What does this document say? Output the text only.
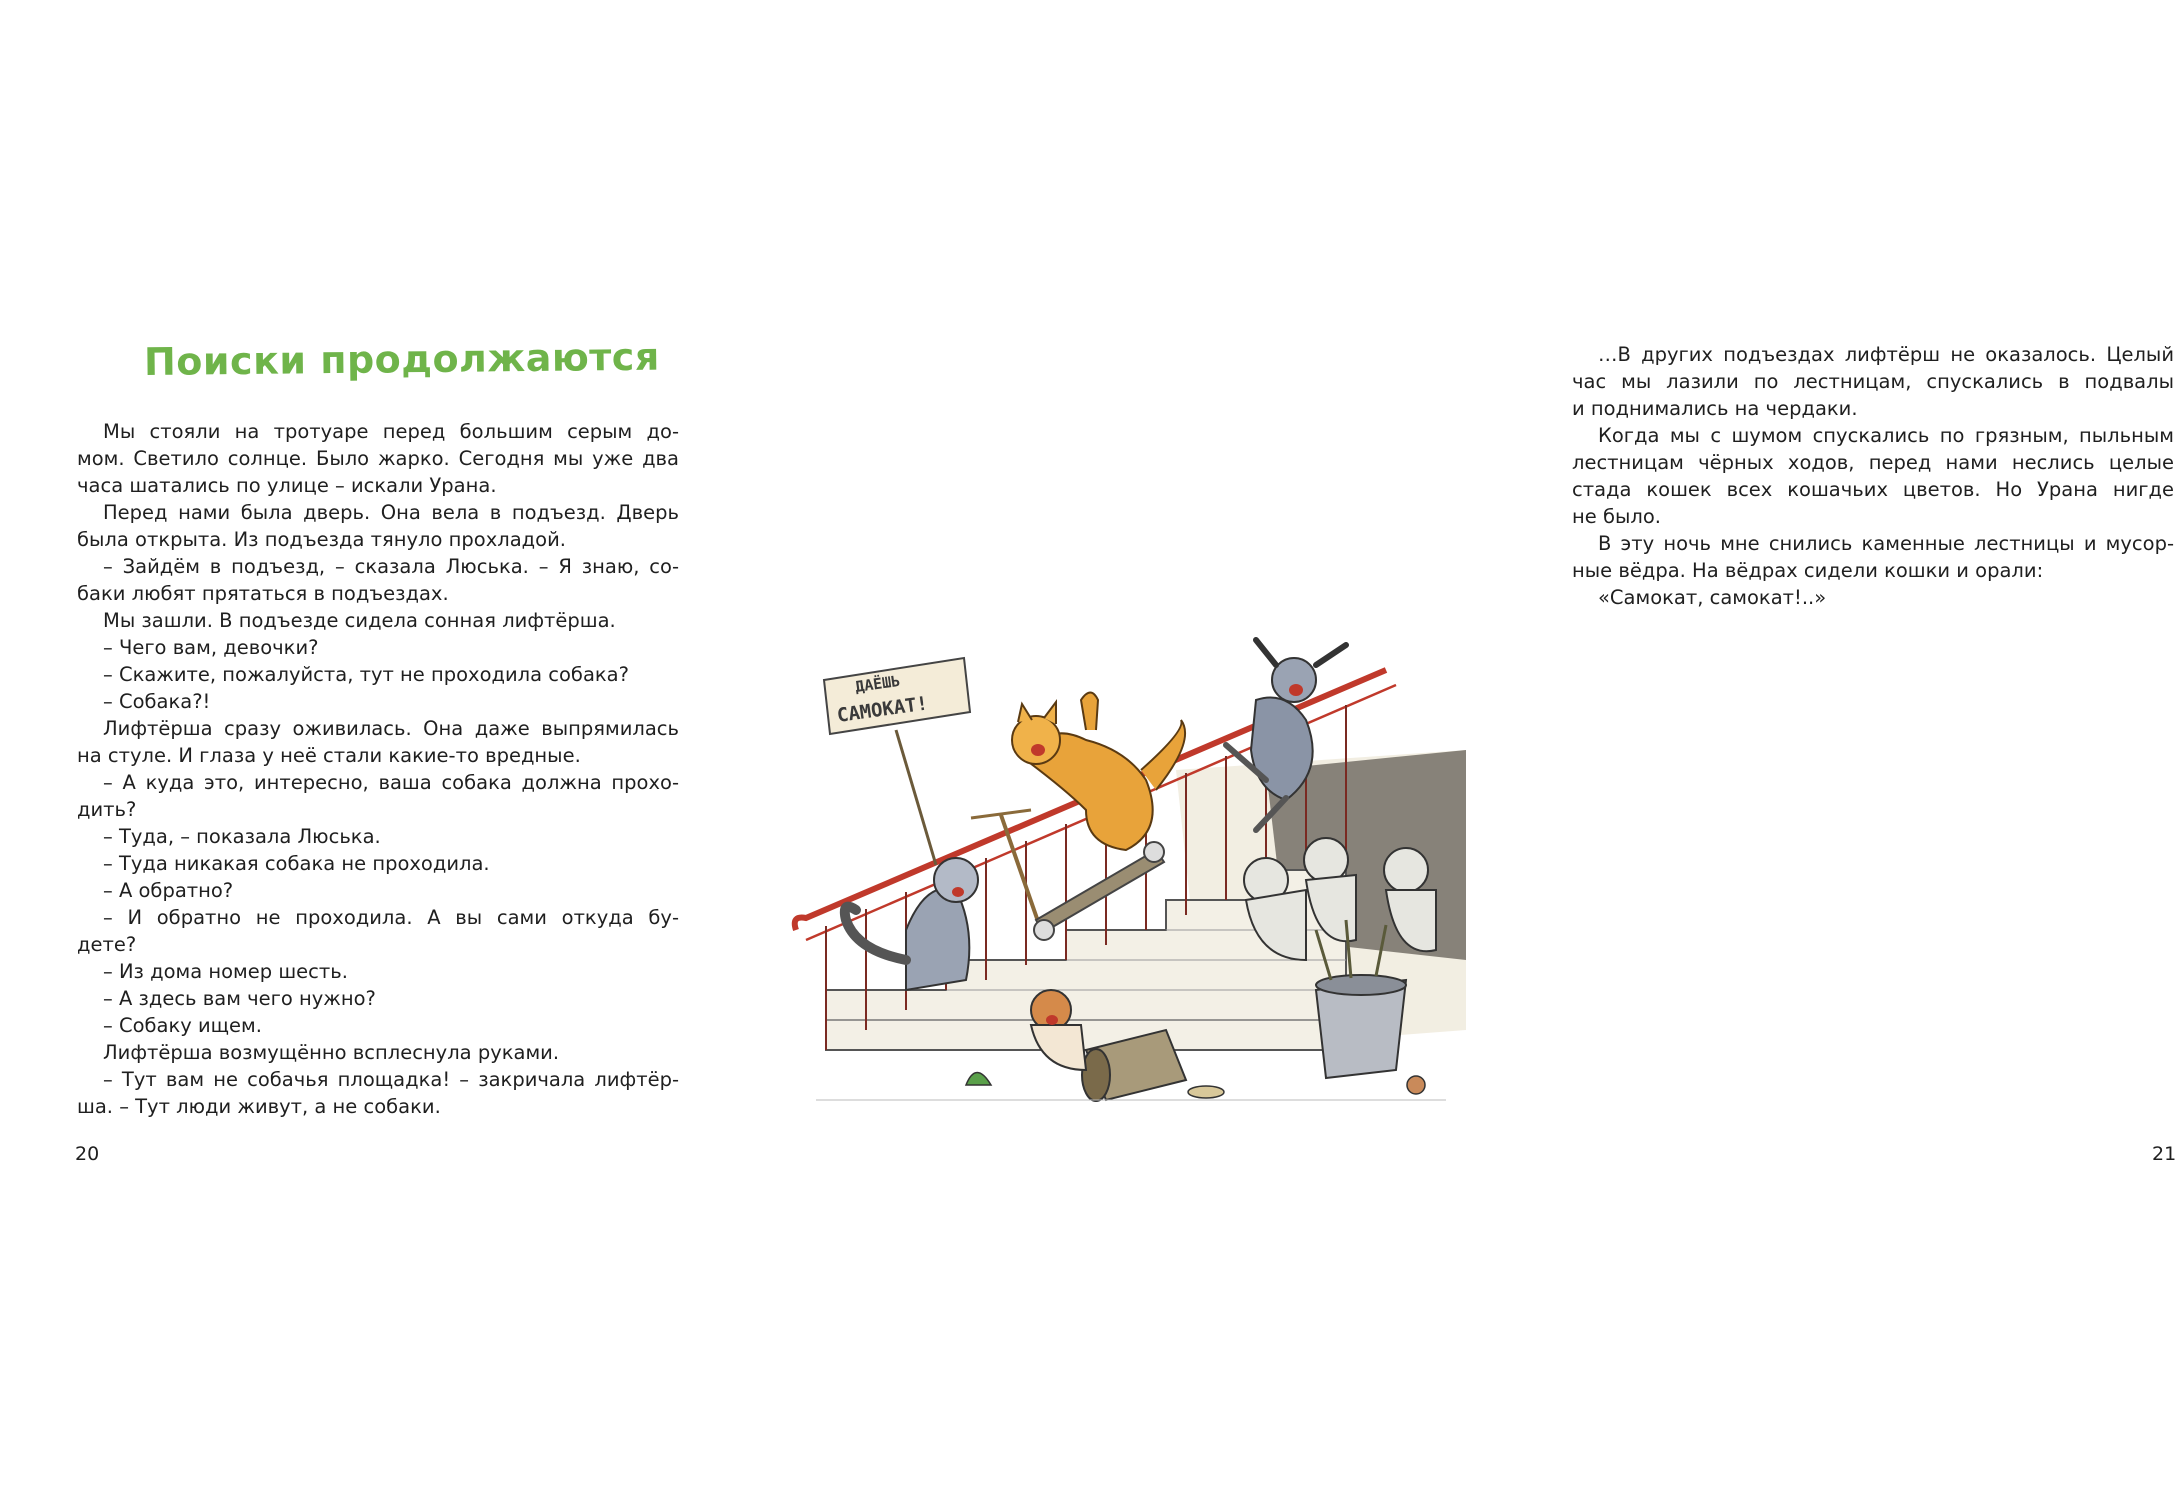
Поиски продолжаются
Мы стояли на тротуаре перед большим серым до-
мом. Светило солнце. Было жарко. Сегодня мы уже два
часа шатались по улице – искали Урана.
Перед нами была дверь. Она вела в подъезд. Дверь
была открыта. Из подъезда тянуло прохладой.
– Зайдём в подъезд, – сказала Люська. – Я знаю, со-
баки любят прятаться в подъездах.
Мы зашли. В подъезде сидела сонная лифтёрша.
– Чего вам, девочки?
– Скажите, пожалуйста, тут не проходила собака?
– Собака?!
Лифтёрша сразу оживилась. Она даже выпрямилась
на стуле. И глаза у неё стали какие-то вредные.
– А куда это, интересно, ваша собака должна прохо-
дить?
– Туда, – показала Люська.
– Туда никакая собака не проходила.
– А обратно?
– И обратно не проходила. А вы сами откуда бу-
дете?
– Из дома номер шесть.
– А здесь вам чего нужно?
– Собаку ищем.
Лифтёрша возмущённо всплеснула руками.
– Тут вам не собачья площадка! – закричала лифтёр-
ша. – Тут люди живут, а не собаки.
20
…В других подъездах лифтёрш не оказалось. Целый
час мы лазили по лестницам, спускались в подвалы
и поднимались на чердаки.
Когда мы с шумом спускались по грязным, пыльным
лестницам чёрных ходов, перед нами неслись целые
стада кошек всех кошачьих цветов. Но Урана нигде
не было.
В эту ночь мне снились каменные лестницы и мусор-
ные вёдра. На вёдрах сидели кошки и орали:
«Самокат, самокат!..»
21
ДАЁШЬ
САМОКАТ!
